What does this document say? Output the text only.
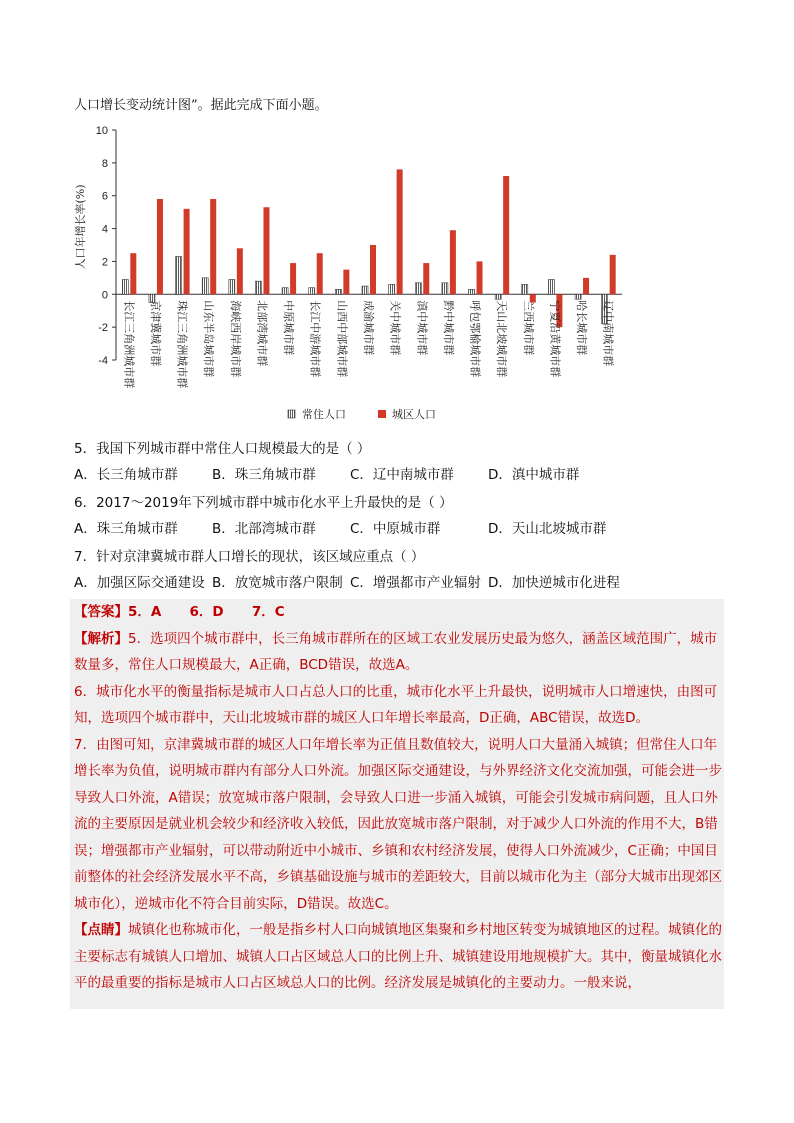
人口增长变动统计图”。据此完成下面小题。
-4
-2
0
2
4
6
8
10
人口年增长率(%)
长江三角洲城市群 京津冀城市群 珠江三角洲城市群 山东半岛城市群 海峡西岸城市群 北部湾城市群 中原城市群 长江中游城市群 山西中部城市群 成渝城市群 关中城市群 滇中城市群 黔中城市群 呼包鄂榆城市群 天山北坡城市群 兰西城市群 宁夏沿黄城市群 哈长城市群 辽中南城市群
常住人口	城区人口
5．我国下列城市群中常住人口规模最大的是（ ）
A．长三角城市群	B．珠三角城市群	C．辽中南城市群	D．滇中城市群
6．2017～2019年下列城市群中城市化水平上升最快的是（ ）
A．珠三角城市群	B．北部湾城市群	C．中原城市群	D．天山北坡城市群
7．针对京津冀城市群人口增长的现状，该区域应重点（ ）
A．加强区际交通建设 B．放宽城市落户限制 C．增强都市产业辐射 D．加快逆城市化进程

【答案】5．A      6．D      7．C

【解析】5．选项四个城市群中，长三角城市群所在的区域工农业发展历史最为悠久，涵盖区域范围广，城市数量多，常住人口规模最大，A正确，BCD错误，故选A。

6．城市化水平的衡量指标是城市人口占总人口的比重，城市化水平上升最快，说明城市人口增速快，由图可知，选项四个城市群中，天山北坡城市群的城区人口年增长率最高，D正确，ABC错误，故选D。

7．由图可知，京津冀城市群的城区人口年增长率为正值且数值较大，说明人口大量涌入城镇；但常住人口年增长率为负值，说明城市群内有部分人口外流。加强区际交通建设，与外界经济文化交流加强，可能会进一步导致人口外流，A错误；放宽城市落户限制，会导致人口进一步涌入城镇，可能会引发城市病问题，且人口外流的主要原因是就业机会较少和经济收入较低，因此放宽城市落户限制，对于减少人口外流的作用不大，B错误；增强都市产业辐射，可以带动附近中小城市、乡镇和农村经济发展，使得人口外流减少，C正确；中国目前整体的社会经济发展水平不高，乡镇基础设施与城市的差距较大，目前以城市化为主（部分大城市出现郊区城市化），逆城市化不符合目前实际，D错误。故选C。

【点睛】城镇化也称城市化，一般是指乡村人口向城镇地区集聚和乡村地区转变为城镇地区的过程。城镇化的主要标志有城镇人口增加、城镇人口占区域总人口的比例上升、城镇建设用地规模扩大。其中，衡量城镇化水平的最重要的指标是城市人口占区域总人口的比例。经济发展是城镇化的主要动力。一般来说，
